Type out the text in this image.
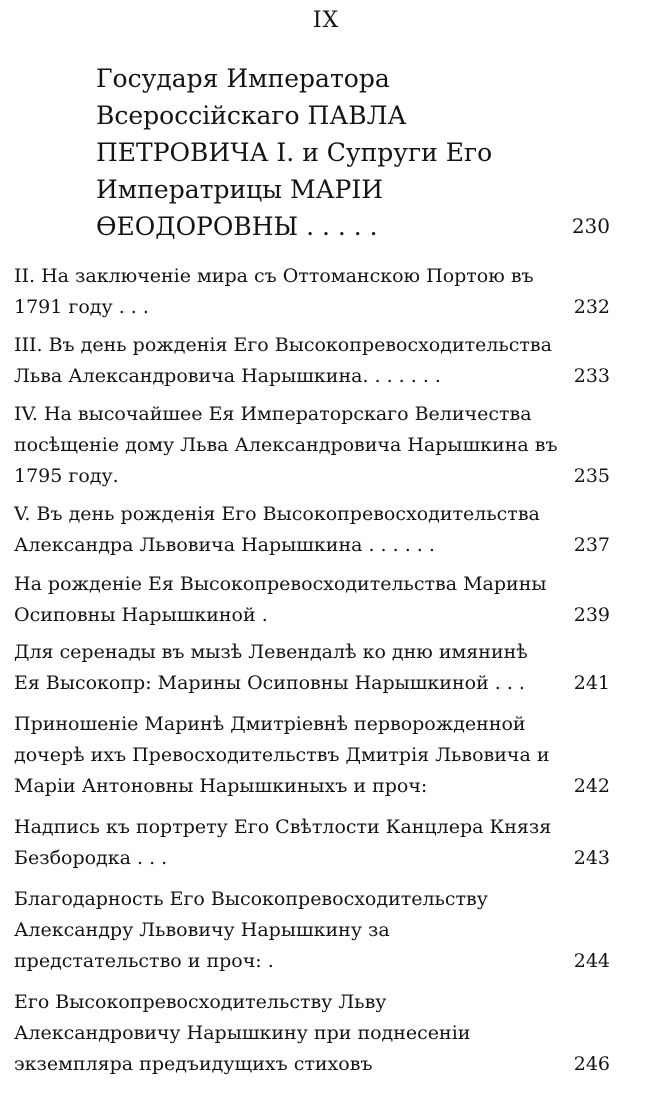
IX
Государя Императора Всероссійскаго ПАВЛА ПЕТРОВИЧА I. и Супруги Его Императрицы МАРІИ ѲЕОДОРОВНЫ . . . . .	230
II. На заключеніе мира съ Оттоманскою Портою въ 1791 году . . .	232
III. Въ день рожденія Его Высокопревосходительства Льва Александровича Нарышкина. . . . . . .	233
IV. На высочайшее Ея Императорскаго Величества посѣщеніе дому Льва Александровича Нарышкина въ 1795 году.	235
V. Въ день рожденія Его Высокопревосходительства Александра Львовича Нарышкина . . . . . .	237
На рожденіе Ея Высокопревосходительства Марины Осиповны Нарышкиной .	239
Для серенады въ мызѣ Левендалѣ ко дню имянинѣ Ея Высокопр: Марины Осиповны Нарышкиной . . .	241
Приношеніе Маринѣ Дмитріевнѣ перворожденной дочерѣ ихъ Превосходительствъ Дмитрія Львовича и Маріи Антоновны Нарышкиныхъ и проч:	242
Надпись къ портрету Его Свѣтлости Канцлера Князя Безбородка . . .	243
Благодарность Его Высокопревосходительству Александру Львовичу Нарышкину за предстательство и проч: .	244
Его Высокопревосходительству Льву Александровичу Нарышкину при поднесеніи экземпляра предъидущихъ стиховъ	246
